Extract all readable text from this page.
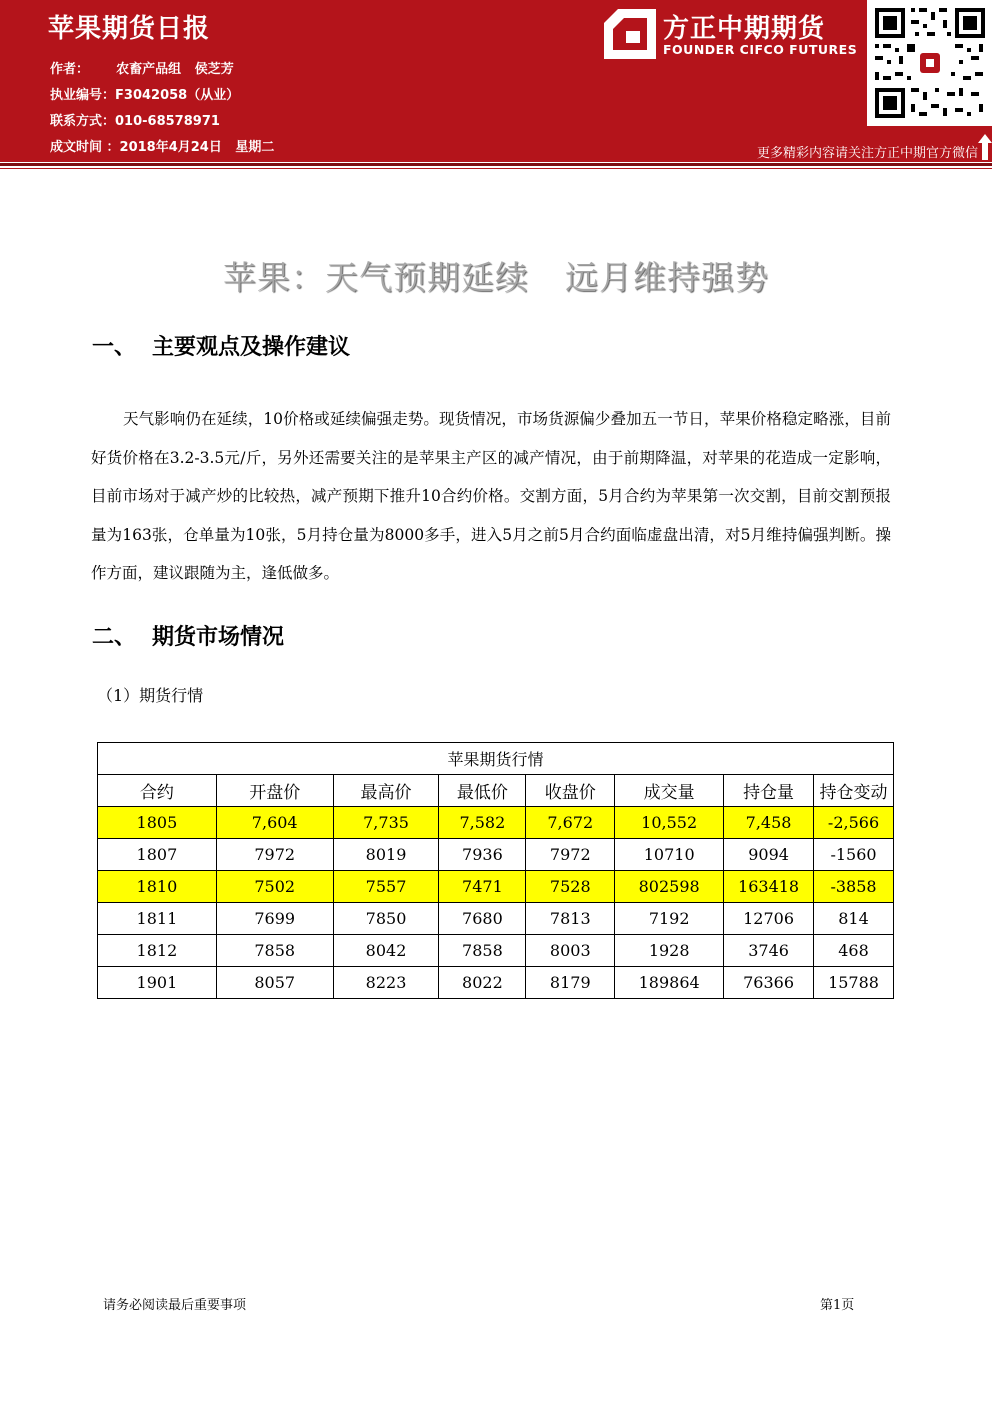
苹果期货日报
作者： 农畜产品组   侯芝芳
执业编号：F3042058（从业）
联系方式：010-68578971
成文时间 ：2018年4月24日   星期二
方正中期期货
FOUNDER CIFCO FUTURES
更多精彩内容请关注方正中期官方微信
苹果：天气预期延续 远月维持强势
一、 主要观点及操作建议

天气影响仍在延续，10价格或延续偏强走势。现货情况，市场货源偏少叠加五一节日，苹果价格稳定略涨，目前好货价格在3.2-3.5元/斤，另外还需要关注的是苹果主产区的减产情况，由于前期降温，对苹果的花造成一定影响，目前市场对于减产炒的比较热，减产预期下推升10合约价格。交割方面，5月合约为苹果第一次交割，目前交割预报量为163张，仓单量为10张，5月持仓量为8000多手，进入5月之前5月合约面临虚盘出清，对5月维持偏强判断。操作方面，建议跟随为主，逢低做多。

二、 期货市场情况
（1）期货行情
苹果期货行情							
合约	开盘价	最高价	最低价	收盘价	成交量	持仓量	持仓变动
1805	7,604	7,735	7,582	7,672	10,552	7,458	-2,566
1807	7972	8019	7936	7972	10710	9094	-1560
1810	7502	7557	7471	7528	802598	163418	-3858
1811	7699	7850	7680	7813	7192	12706	814
1812	7858	8042	7858	8003	1928	3746	468
1901	8057	8223	8022	8179	189864	76366	15788
请务必阅读最后重要事项	第1页
